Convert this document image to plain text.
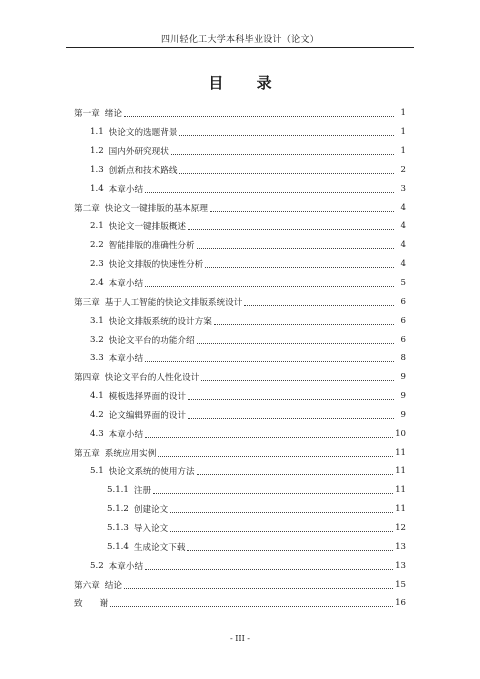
四川轻化工大学本科毕业设计（论文）
目 录
第一章 绪论	1
1.1 快论文的选题背景	1
1.2 国内外研究现状	1
1.3 创新点和技术路线	2
1.4 本章小结	3
第二章 快论文一键排版的基本原理	4
2.1 快论文一键排版概述	4
2.2 智能排版的准确性分析	4
2.3 快论文排版的快速性分析	4
2.4 本章小结	5
第三章 基于人工智能的快论文排版系统设计	6
3.1 快论文排版系统的设计方案	6
3.2 快论文平台的功能介绍	6
3.3 本章小结	8
第四章 快论文平台的人性化设计	9
4.1 模板选择界面的设计	9
4.2 论文编辑界面的设计	9
4.3 本章小结	10
第五章 系统应用实例	11
5.1 快论文系统的使用方法	11
5.1.1 注册	11
5.1.2 创建论文	11
5.1.3 导入论文	12
5.1.4 生成论文下载	13
5.2 本章小结	13
第六章 结论	15
致 谢	16
- III -
